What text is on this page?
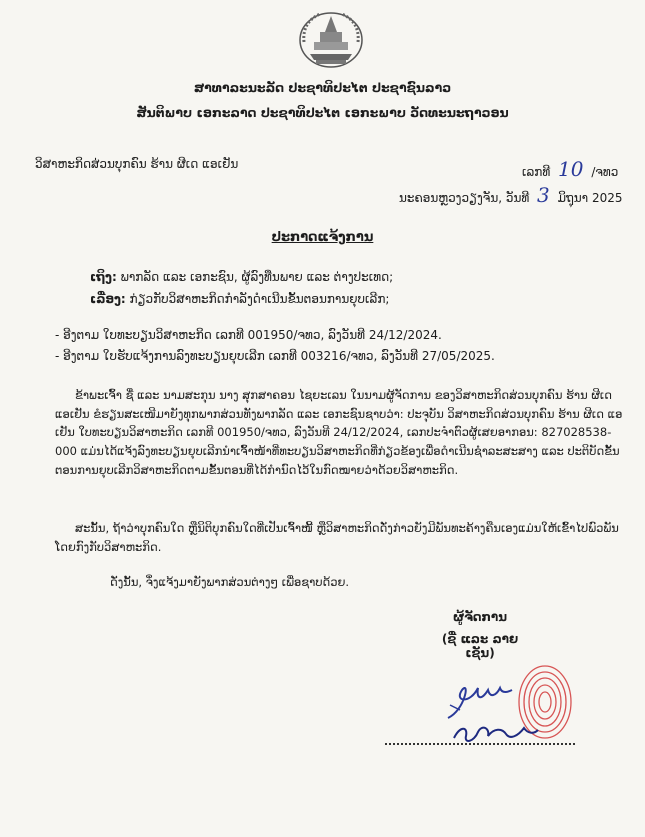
ສາທາລະນະລັດ ປະຊາທິປະໄຕ ປະຊາຊົນລາວ
ສັນຕິພາບ ເອກະລາດ ປະຊາທິປະໄຕ ເອກະພາບ ວັດທະນະຖາວອນ
ວິສາຫະກິດສ່ວນບຸກຄົນ ຮ້ານ ຜີເດ ແອເຢັນ
ເລກທີ 10 /ຈທວ
ນະຄອນຫຼວງວຽງຈັນ, ວັນທີ 3 ມິຖຸນາ 2025
ປະກາດແຈ້ງການ
ເຖິງ: ພາກລັດ ແລະ ເອກະຊົນ, ຜູ້ລົງທືນພາຍ ແລະ ຕ່າງປະເທດ;
ເລື່ອງ: ກ່ຽວກັບວິສາຫະກິດກຳລັງດຳເນີນຂັ້ນຕອນການຍຸບເລີກ;
- ອີງຕາມ ໃບທະບຽນວິສາຫະກິດ ເລກທີ 001950/ຈທວ, ລົງວັນທີ 24/12/2024.
- ອີງຕາມ ໃບຮັບແຈ້ງການລົງທະບຽນຍຸບເລີກ ເລກທີ 003216/ຈທວ, ລົງວັນທີ 27/05/2025.
ຂ້າພະເຈົ້າ ຊື່ ແລະ ນາມສະກຸນ ນາງ ສຸກສາຄອນ ໄຊຍະເລນ ໃນນາມຜູ້ຈັດການ ຂອງວິສາຫະກິດສ່ວນບຸກຄົນ ຮ້ານ ຜີເດ ແອເຢັນ ຂໍຮຽນສະເໜີມາຍັງທຸກພາກສ່ວນທັງພາກລັດ ແລະ ເອກະຊົນຊາບວ່າ: ປະຈຸບັນ ວິສາຫະກິດສ່ວນບຸກຄົນ ຮ້ານ ຜີເດ ແອເຢັນ ໃບທະບຽນວິສາຫະກິດ ເລກທີ 001950/ຈທວ, ລົງວັນທີ 24/12/2024, ເລກປະຈຳຕົວຜູ້ເສຍອາກອນ: 827028538-000 ແມ່ນໄດ້ແຈ້ງລົງທະບຽນຍຸບເລີກນຳເຈົ້າໜ້າທີ່ທະບຽນວິສາຫະກິດທີ່ກ່ຽວຂ້ອງເພື່ອດຳເນີນຊຳລະສະສາງ ແລະ ປະຕິບັດຂັ້ນຕອນການຍຸບເລີກວິສາຫະກິດຕາມຂັ້ນຕອນທີ່ໄດ້ກຳນົດໄວ້ໃນກົດໝາຍວ່າດ້ວຍວິສາຫະກິດ.
ສະນັ້ນ, ຖ້າວ່າບຸກຄົນໃດ ຫຼືນິຕິບຸກຄົນໃດທີ່ເປັນເຈົ້າໜີ້ ຫຼືວິສາຫະກິດດັ່ງກ່າວຍັງມີພັນທະຄ້າງຄືນເອງແມ່ນໃຫ້ເຂົ້າໄປພົວພັນໂດຍກົງກັບວິສາຫະກິດ.
ດັ່ງນັ້ນ, ຈຶ່ງແຈ້ງມາຍັງພາກສ່ວນຕ່າງໆ ເພື່ອຊາບດ້ວຍ.
ຜູ້ຈັດການ
(ຊື່ ແລະ ລາຍເຊັນ)
